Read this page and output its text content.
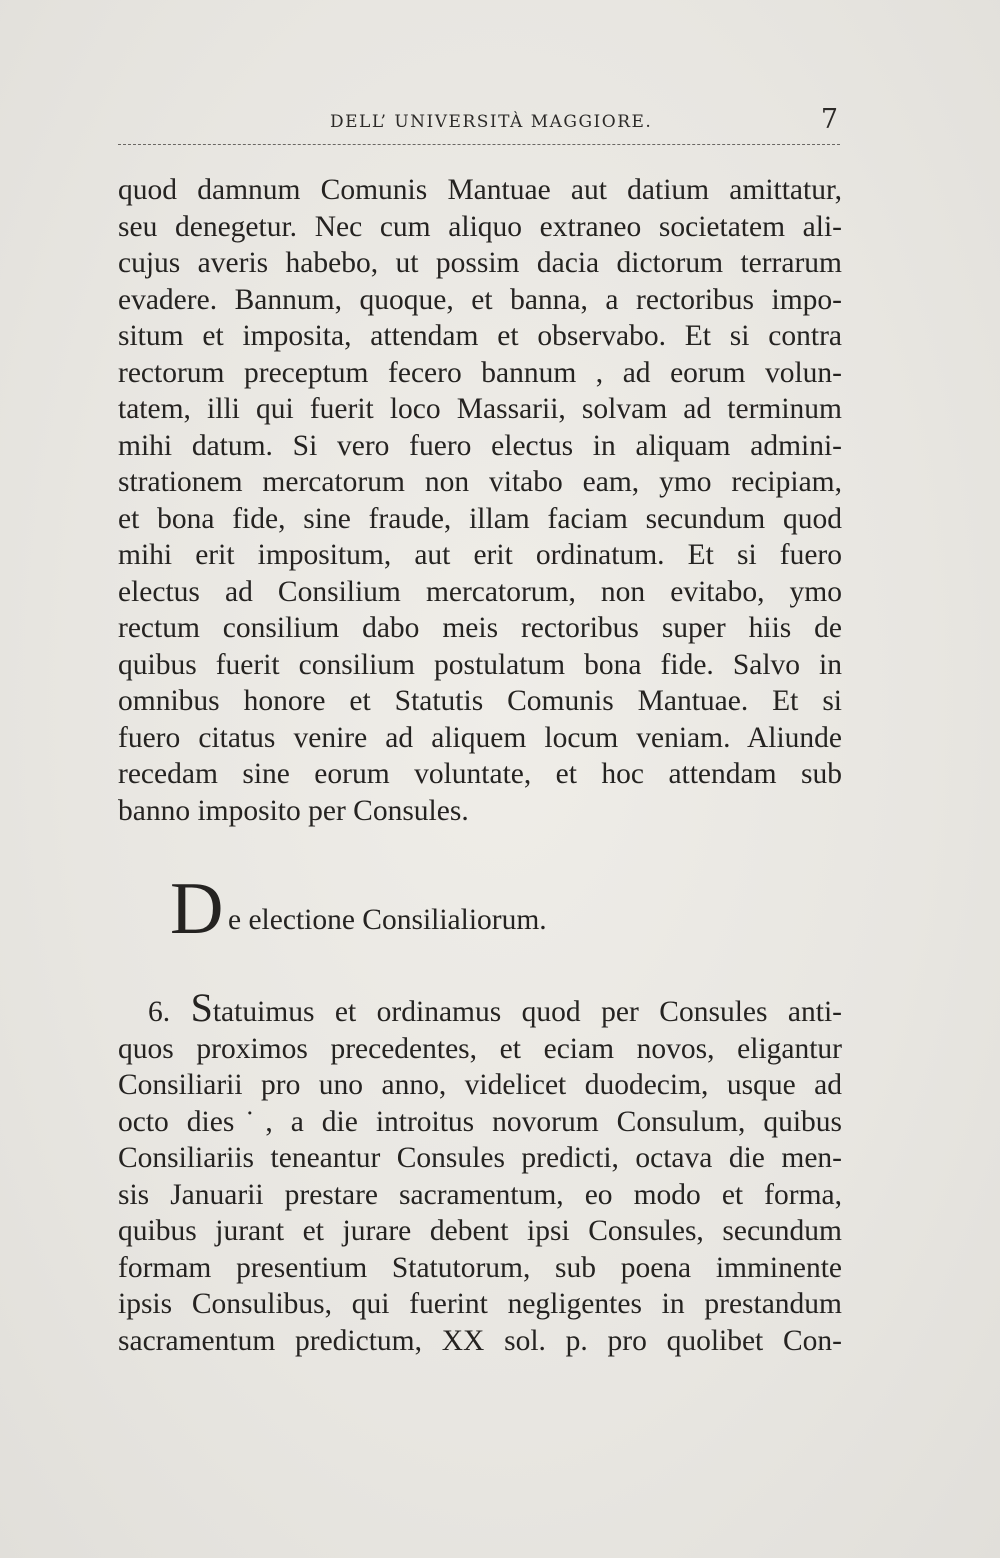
DELL’ UNIVERSITÀ MAGGIORE.	7
quod damnum Comunis Mantuae aut datium amittatur,
seu denegetur. Nec cum aliquo extraneo societatem ali-
cujus averis habebo, ut possim dacia dictorum terrarum
evadere. Bannum, quoque, et banna, a rectoribus impo-
situm et imposita, attendam et observabo. Et si contra
rectorum preceptum fecero bannum , ad eorum volun-
tatem, illi qui fuerit loco Massarii, solvam ad terminum
mihi datum. Si vero fuero electus in aliquam admini-
strationem mercatorum non vitabo eam, ymo recipiam,
et bona fide, sine fraude, illam faciam secundum quod
mihi erit impositum, aut erit ordinatum. Et si fuero
electus ad Consilium mercatorum, non evitabo, ymo
rectum consilium dabo meis rectoribus super hiis de
quibus fuerit consilium postulatum bona fide. Salvo in
omnibus honore et Statutis Comunis Mantuae. Et si
fuero citatus venire ad aliquem locum veniam. Aliunde
recedam sine eorum voluntate, et hoc attendam sub
banno imposito per Consules.
D e electione Consilialiorum.
6. Statuimus et ordinamus quod per Consules anti-
quos proximos precedentes, et eciam novos, eligantur
Consiliarii pro uno anno, videlicet duodecim, usque ad
octo dies˙, a die introitus novorum Consulum, quibus
Consiliariis teneantur Consules predicti, octava die men-
sis Januarii prestare sacramentum, eo modo et forma,
quibus jurant et jurare debent ipsi Consules, secundum
formam presentium Statutorum, sub poena imminente
ipsis Consulibus, qui fuerint negligentes in prestandum
sacramentum predictum, XX sol. p. pro quolibet Con-
